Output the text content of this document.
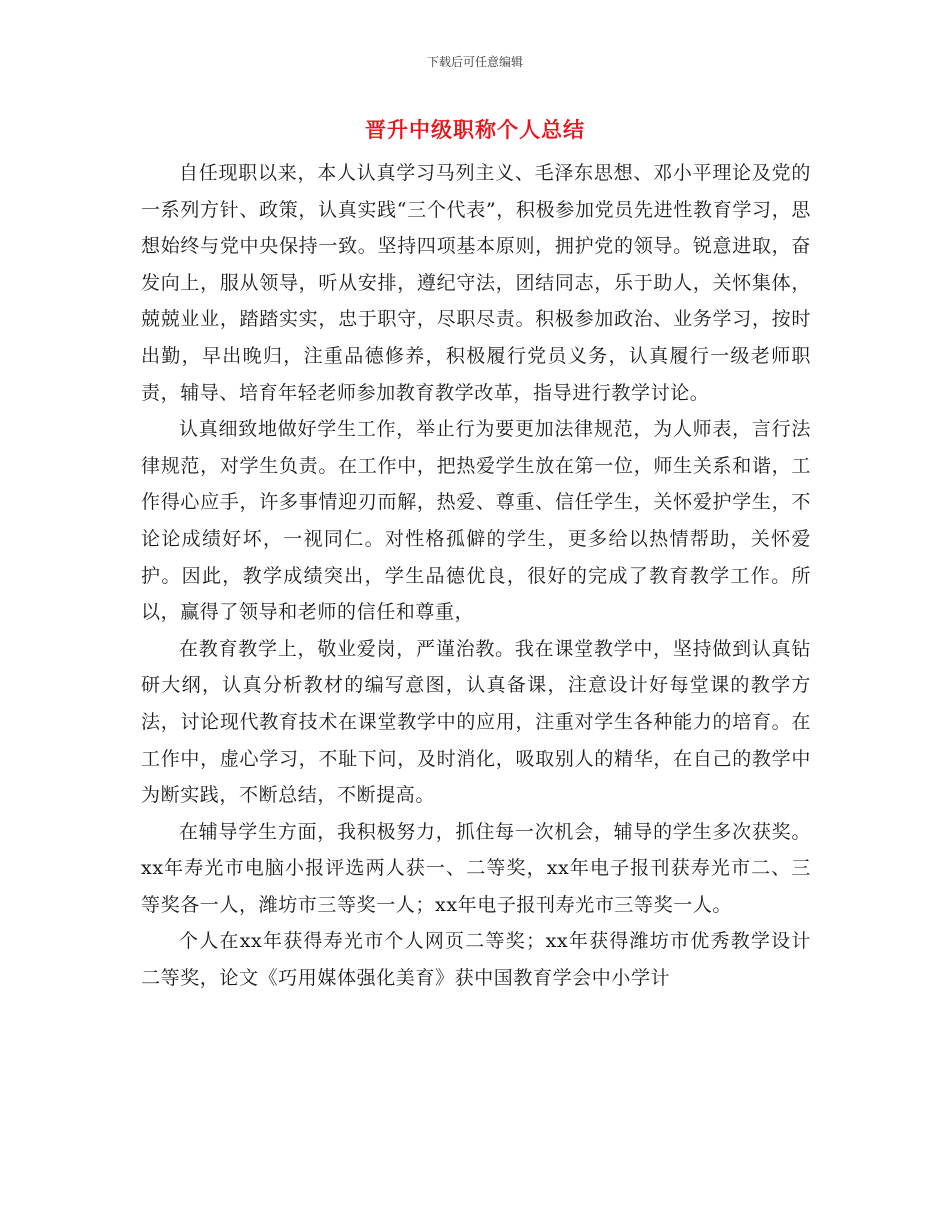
下载后可任意编辑
晋升中级职称个人总结

自任现职以来，本人认真学习马列主义、毛泽东思想、邓小平理论及党的一系列方针、政策，认真实践“三个代表”，积极参加党员先进性教育学习，思想始终与党中央保持一致。坚持四项基本原则，拥护党的领导。锐意进取，奋发向上，服从领导，听从安排，遵纪守法，团结同志，乐于助人，关怀集体，兢兢业业，踏踏实实，忠于职守，尽职尽责。积极参加政治、业务学习，按时出勤，早出晚归，注重品德修养，积极履行党员义务，认真履行一级老师职责，辅导、培育年轻老师参加教育教学改革，指导进行教学讨论。

认真细致地做好学生工作，举止行为要更加法律规范，为人师表，言行法律规范，对学生负责。在工作中，把热爱学生放在第一位，师生关系和谐，工作得心应手，许多事情迎刃而解，热爱、尊重、信任学生，关怀爱护学生，不论论成绩好坏，一视同仁。对性格孤僻的学生，更多给以热情帮助，关怀爱护。因此，教学成绩突出，学生品德优良，很好的完成了教育教学工作。所以，赢得了领导和老师的信任和尊重，

在教育教学上，敬业爱岗，严谨治教。我在课堂教学中，坚持做到认真钻研大纲，认真分析教材的编写意图，认真备课，注意设计好每堂课的教学方法，讨论现代教育技术在课堂教学中的应用，注重对学生各种能力的培育。在工作中，虚心学习，不耻下问，及时消化，吸取别人的精华，在自己的教学中为断实践，不断总结，不断提高。

在辅导学生方面，我积极努力，抓住每一次机会，辅导的学生多次获奖。xx年寿光市电脑小报评选两人获一、二等奖，xx年电子报刊获寿光市二、三等奖各一人，潍坊市三等奖一人；xx年电子报刊寿光市三等奖一人。

个人在xx年获得寿光市个人网页二等奖；xx年获得潍坊市优秀教学设计二等奖，论文《巧用媒体强化美育》获中国教育学会中小学计
